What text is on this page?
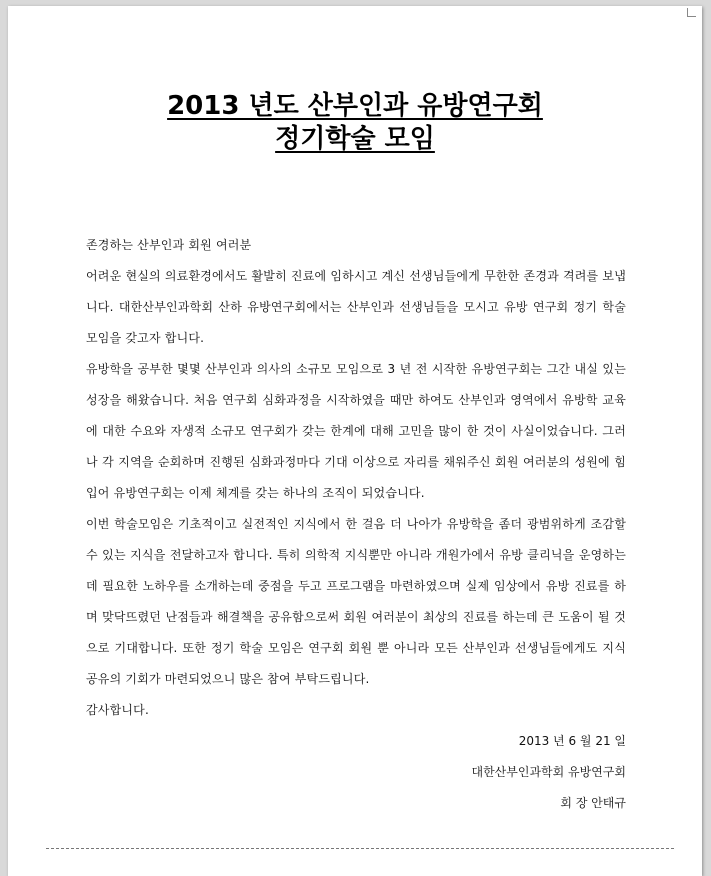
2013 년도 산부인과 유방연구회
정기학술 모임

존경하는 산부인과 회원 여러분

어려운 현실의 의료환경에서도 활발히 진료에 임하시고 계신 선생님들에게 무한한 존경과 격려를 보냅니다. 대한산부인과학회 산하 유방연구회에서는 산부인과 선생님들을 모시고 유방 연구회 정기 학술 모임을 갖고자 합니다.

유방학을 공부한 몇몇 산부인과 의사의 소규모 모임으로 3 년 전 시작한 유방연구회는 그간 내실 있는 성장을 해왔습니다. 처음 연구회 심화과정을 시작하였을 때만 하여도 산부인과 영역에서 유방학 교육에 대한 수요와 자생적 소규모 연구회가 갖는 한계에 대해 고민을 많이 한 것이 사실이었습니다. 그러나 각 지역을 순회하며 진행된 심화과정마다 기대 이상으로 자리를 채워주신 회원 여러분의 성원에 힘입어 유방연구회는 이제 체계를 갖는 하나의 조직이 되었습니다.

이번 학술모임은 기초적이고 실전적인 지식에서 한 걸음 더 나아가 유방학을 좀더 광범위하게 조감할 수 있는 지식을 전달하고자 합니다. 특히 의학적 지식뿐만 아니라 개원가에서 유방 클리닉을 운영하는데 필요한 노하우를 소개하는데 중점을 두고 프로그램을 마련하였으며 실제 임상에서 유방 진료를 하며 맞닥뜨렸던 난점들과 해결책을 공유함으로써 회원 여러분이 최상의 진료를 하는데 큰 도움이 될 것으로 기대합니다. 또한 정기 학술 모임은 연구회 회원 뿐 아니라 모든 산부인과 선생님들에게도 지식 공유의 기회가 마련되었으니 많은 참여 부탁드립니다.

감사합니다.

2013 년 6 월 21 일

대한산부인과학회 유방연구회

회 장 안태규
